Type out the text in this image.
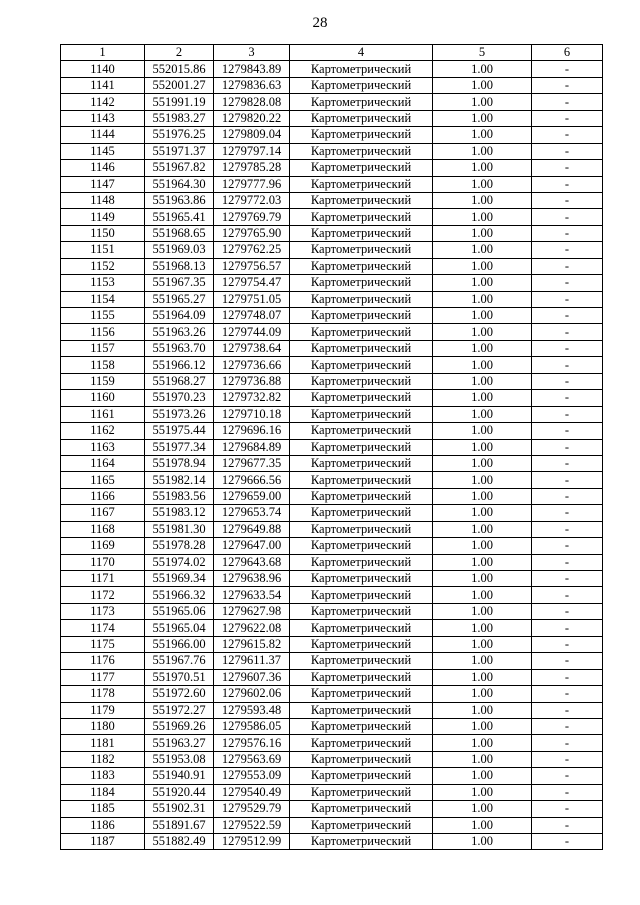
28
1	2	3	4	5	6
1140	552015.86	1279843.89	Картометрический	1.00	-
1141	552001.27	1279836.63	Картометрический	1.00	-
1142	551991.19	1279828.08	Картометрический	1.00	-
1143	551983.27	1279820.22	Картометрический	1.00	-
1144	551976.25	1279809.04	Картометрический	1.00	-
1145	551971.37	1279797.14	Картометрический	1.00	-
1146	551967.82	1279785.28	Картометрический	1.00	-
1147	551964.30	1279777.96	Картометрический	1.00	-
1148	551963.86	1279772.03	Картометрический	1.00	-
1149	551965.41	1279769.79	Картометрический	1.00	-
1150	551968.65	1279765.90	Картометрический	1.00	-
1151	551969.03	1279762.25	Картометрический	1.00	-
1152	551968.13	1279756.57	Картометрический	1.00	-
1153	551967.35	1279754.47	Картометрический	1.00	-
1154	551965.27	1279751.05	Картометрический	1.00	-
1155	551964.09	1279748.07	Картометрический	1.00	-
1156	551963.26	1279744.09	Картометрический	1.00	-
1157	551963.70	1279738.64	Картометрический	1.00	-
1158	551966.12	1279736.66	Картометрический	1.00	-
1159	551968.27	1279736.88	Картометрический	1.00	-
1160	551970.23	1279732.82	Картометрический	1.00	-
1161	551973.26	1279710.18	Картометрический	1.00	-
1162	551975.44	1279696.16	Картометрический	1.00	-
1163	551977.34	1279684.89	Картометрический	1.00	-
1164	551978.94	1279677.35	Картометрический	1.00	-
1165	551982.14	1279666.56	Картометрический	1.00	-
1166	551983.56	1279659.00	Картометрический	1.00	-
1167	551983.12	1279653.74	Картометрический	1.00	-
1168	551981.30	1279649.88	Картометрический	1.00	-
1169	551978.28	1279647.00	Картометрический	1.00	-
1170	551974.02	1279643.68	Картометрический	1.00	-
1171	551969.34	1279638.96	Картометрический	1.00	-
1172	551966.32	1279633.54	Картометрический	1.00	-
1173	551965.06	1279627.98	Картометрический	1.00	-
1174	551965.04	1279622.08	Картометрический	1.00	-
1175	551966.00	1279615.82	Картометрический	1.00	-
1176	551967.76	1279611.37	Картометрический	1.00	-
1177	551970.51	1279607.36	Картометрический	1.00	-
1178	551972.60	1279602.06	Картометрический	1.00	-
1179	551972.27	1279593.48	Картометрический	1.00	-
1180	551969.26	1279586.05	Картометрический	1.00	-
1181	551963.27	1279576.16	Картометрический	1.00	-
1182	551953.08	1279563.69	Картометрический	1.00	-
1183	551940.91	1279553.09	Картометрический	1.00	-
1184	551920.44	1279540.49	Картометрический	1.00	-
1185	551902.31	1279529.79	Картометрический	1.00	-
1186	551891.67	1279522.59	Картометрический	1.00	-
1187	551882.49	1279512.99	Картометрический	1.00	-
